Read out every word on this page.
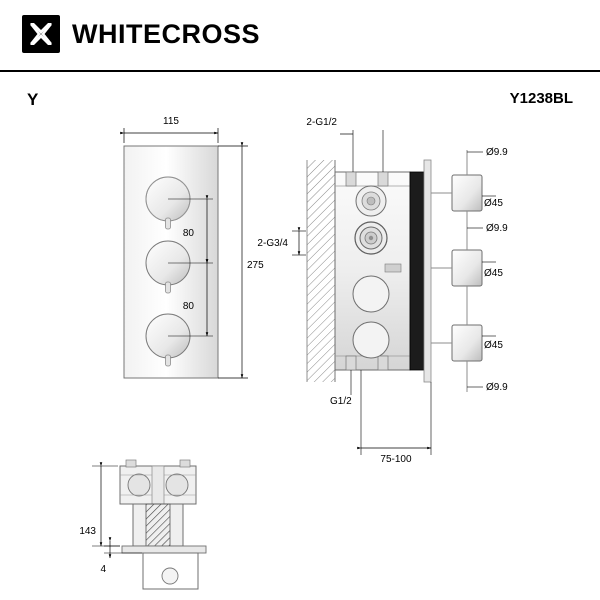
WHITECROSS
Y	Y1238BL
115
275
80
80
2-G1/2
2-G3/4
G1/2
75-100
Ø9.9
Ø45
Ø9.9
Ø45
Ø45
Ø9.9
143
4
